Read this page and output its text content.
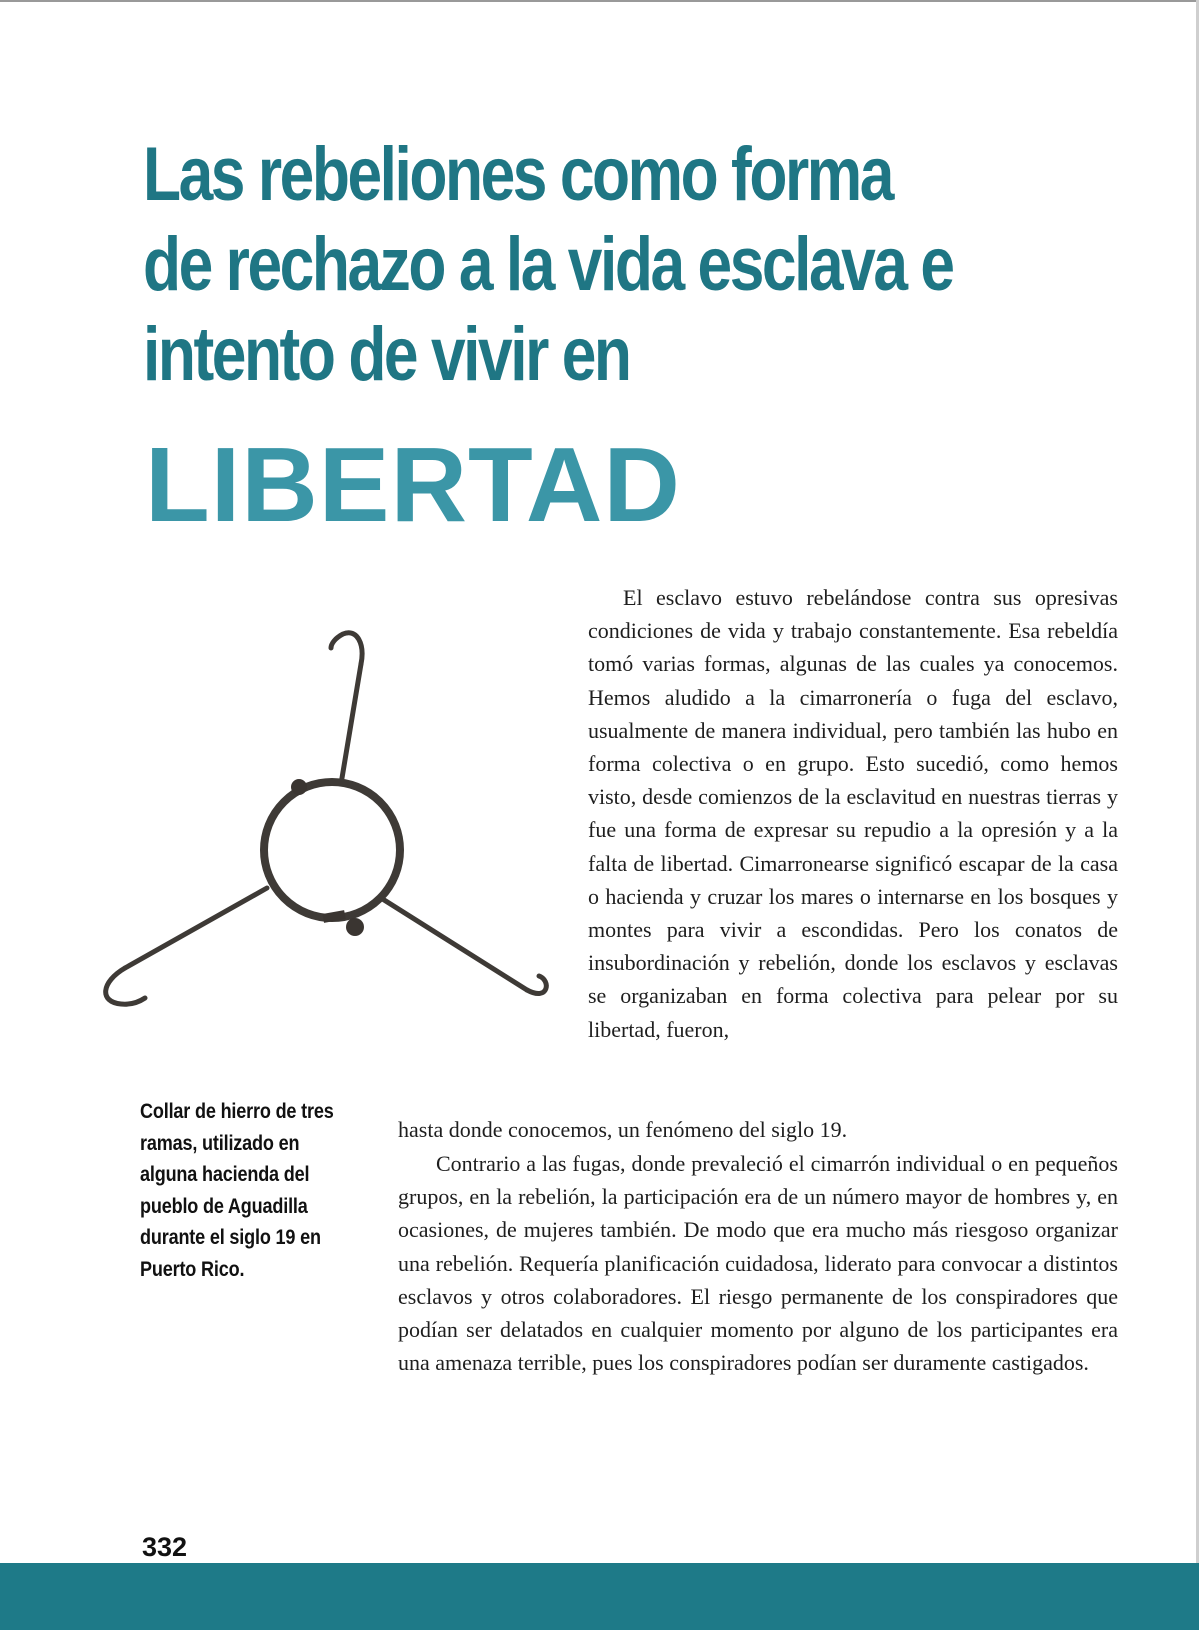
Las rebeliones como forma
de rechazo a la vida esclava e
intento de vivir en
LIBERTAD

Collar de hierro de tres ramas, utilizado en alguna hacienda del pueblo de Aguadilla durante el siglo 19 en Puerto Rico.

El esclavo estuvo rebelándose contra sus opresivas condiciones de vida y trabajo constantemente. Esa rebeldía tomó varias formas, algunas de las cuales ya conocemos. Hemos aludido a la cimarronería o fuga del esclavo, usualmente de manera individual, pero también las hubo en forma colectiva o en grupo. Esto sucedió, como hemos visto, desde comienzos de la esclavitud en nuestras tierras y fue una forma de expresar su repudio a la opresión y a la falta de libertad. Cimarronearse significó escapar de la casa o hacienda y cruzar los mares o internarse en los bosques y montes para vivir a escondidas. Pero los conatos de insubordinación y rebelión, donde los esclavos y esclavas se organizaban en forma colectiva para pelear por su libertad, fueron,

hasta donde conocemos, un fenómeno del siglo 19.

Contrario a las fugas, donde prevaleció el cimarrón individual o en pequeños grupos, en la rebelión, la participación era de un número mayor de hombres y, en ocasiones, de mujeres también. De modo que era mucho más riesgoso organizar una rebelión. Requería planificación cuidadosa, liderato para convocar a distintos esclavos y otros colaboradores. El riesgo permanente de los conspiradores que podían ser delatados en cualquier momento por alguno de los participantes era una amenaza terrible, pues los conspiradores podían ser duramente castigados.

332
